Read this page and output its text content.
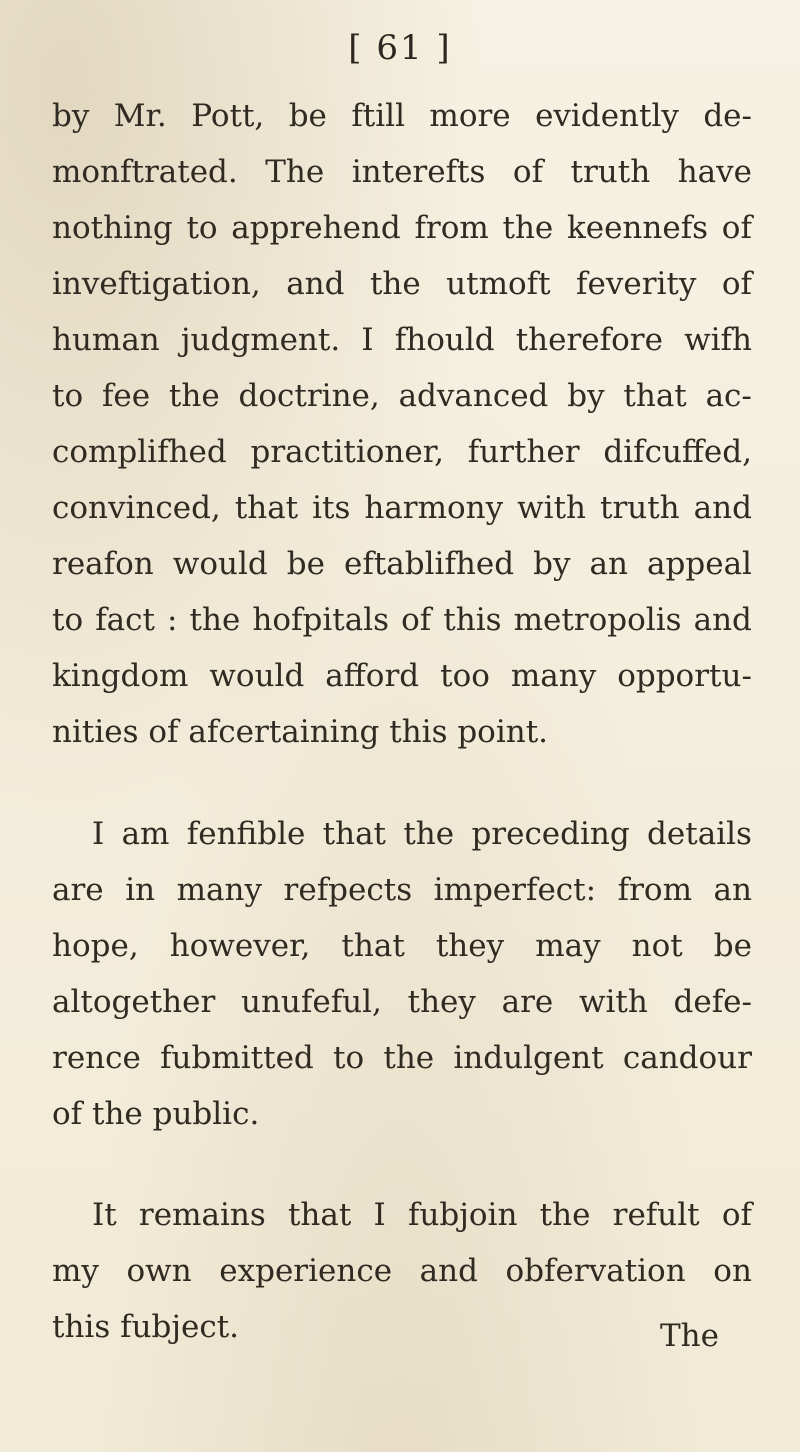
[ 61 ]
by Mr. Pott, be ftill more evidently de-
monftrated. The interefts of truth have
nothing to apprehend from the keennefs of
inveftigation, and the utmoft feverity of
human judgment. I fhould therefore wifh
to fee the doctrine, advanced by that ac-
complifhed practitioner, further difcuffed,
convinced, that its harmony with truth and
reafon would be eftablifhed by an appeal
to fact : the hofpitals of this metropolis and
kingdom would afford too many opportu-
nities of afcertaining this point.
I am fenfible that the preceding details
are in many refpects imperfect: from an
hope, however, that they may not be
altogether unufeful, they are with defe-
rence fubmitted to the indulgent candour
of the public.
It remains that I fubjoin the refult of
my own experience and obfervation on
this fubject.	The
